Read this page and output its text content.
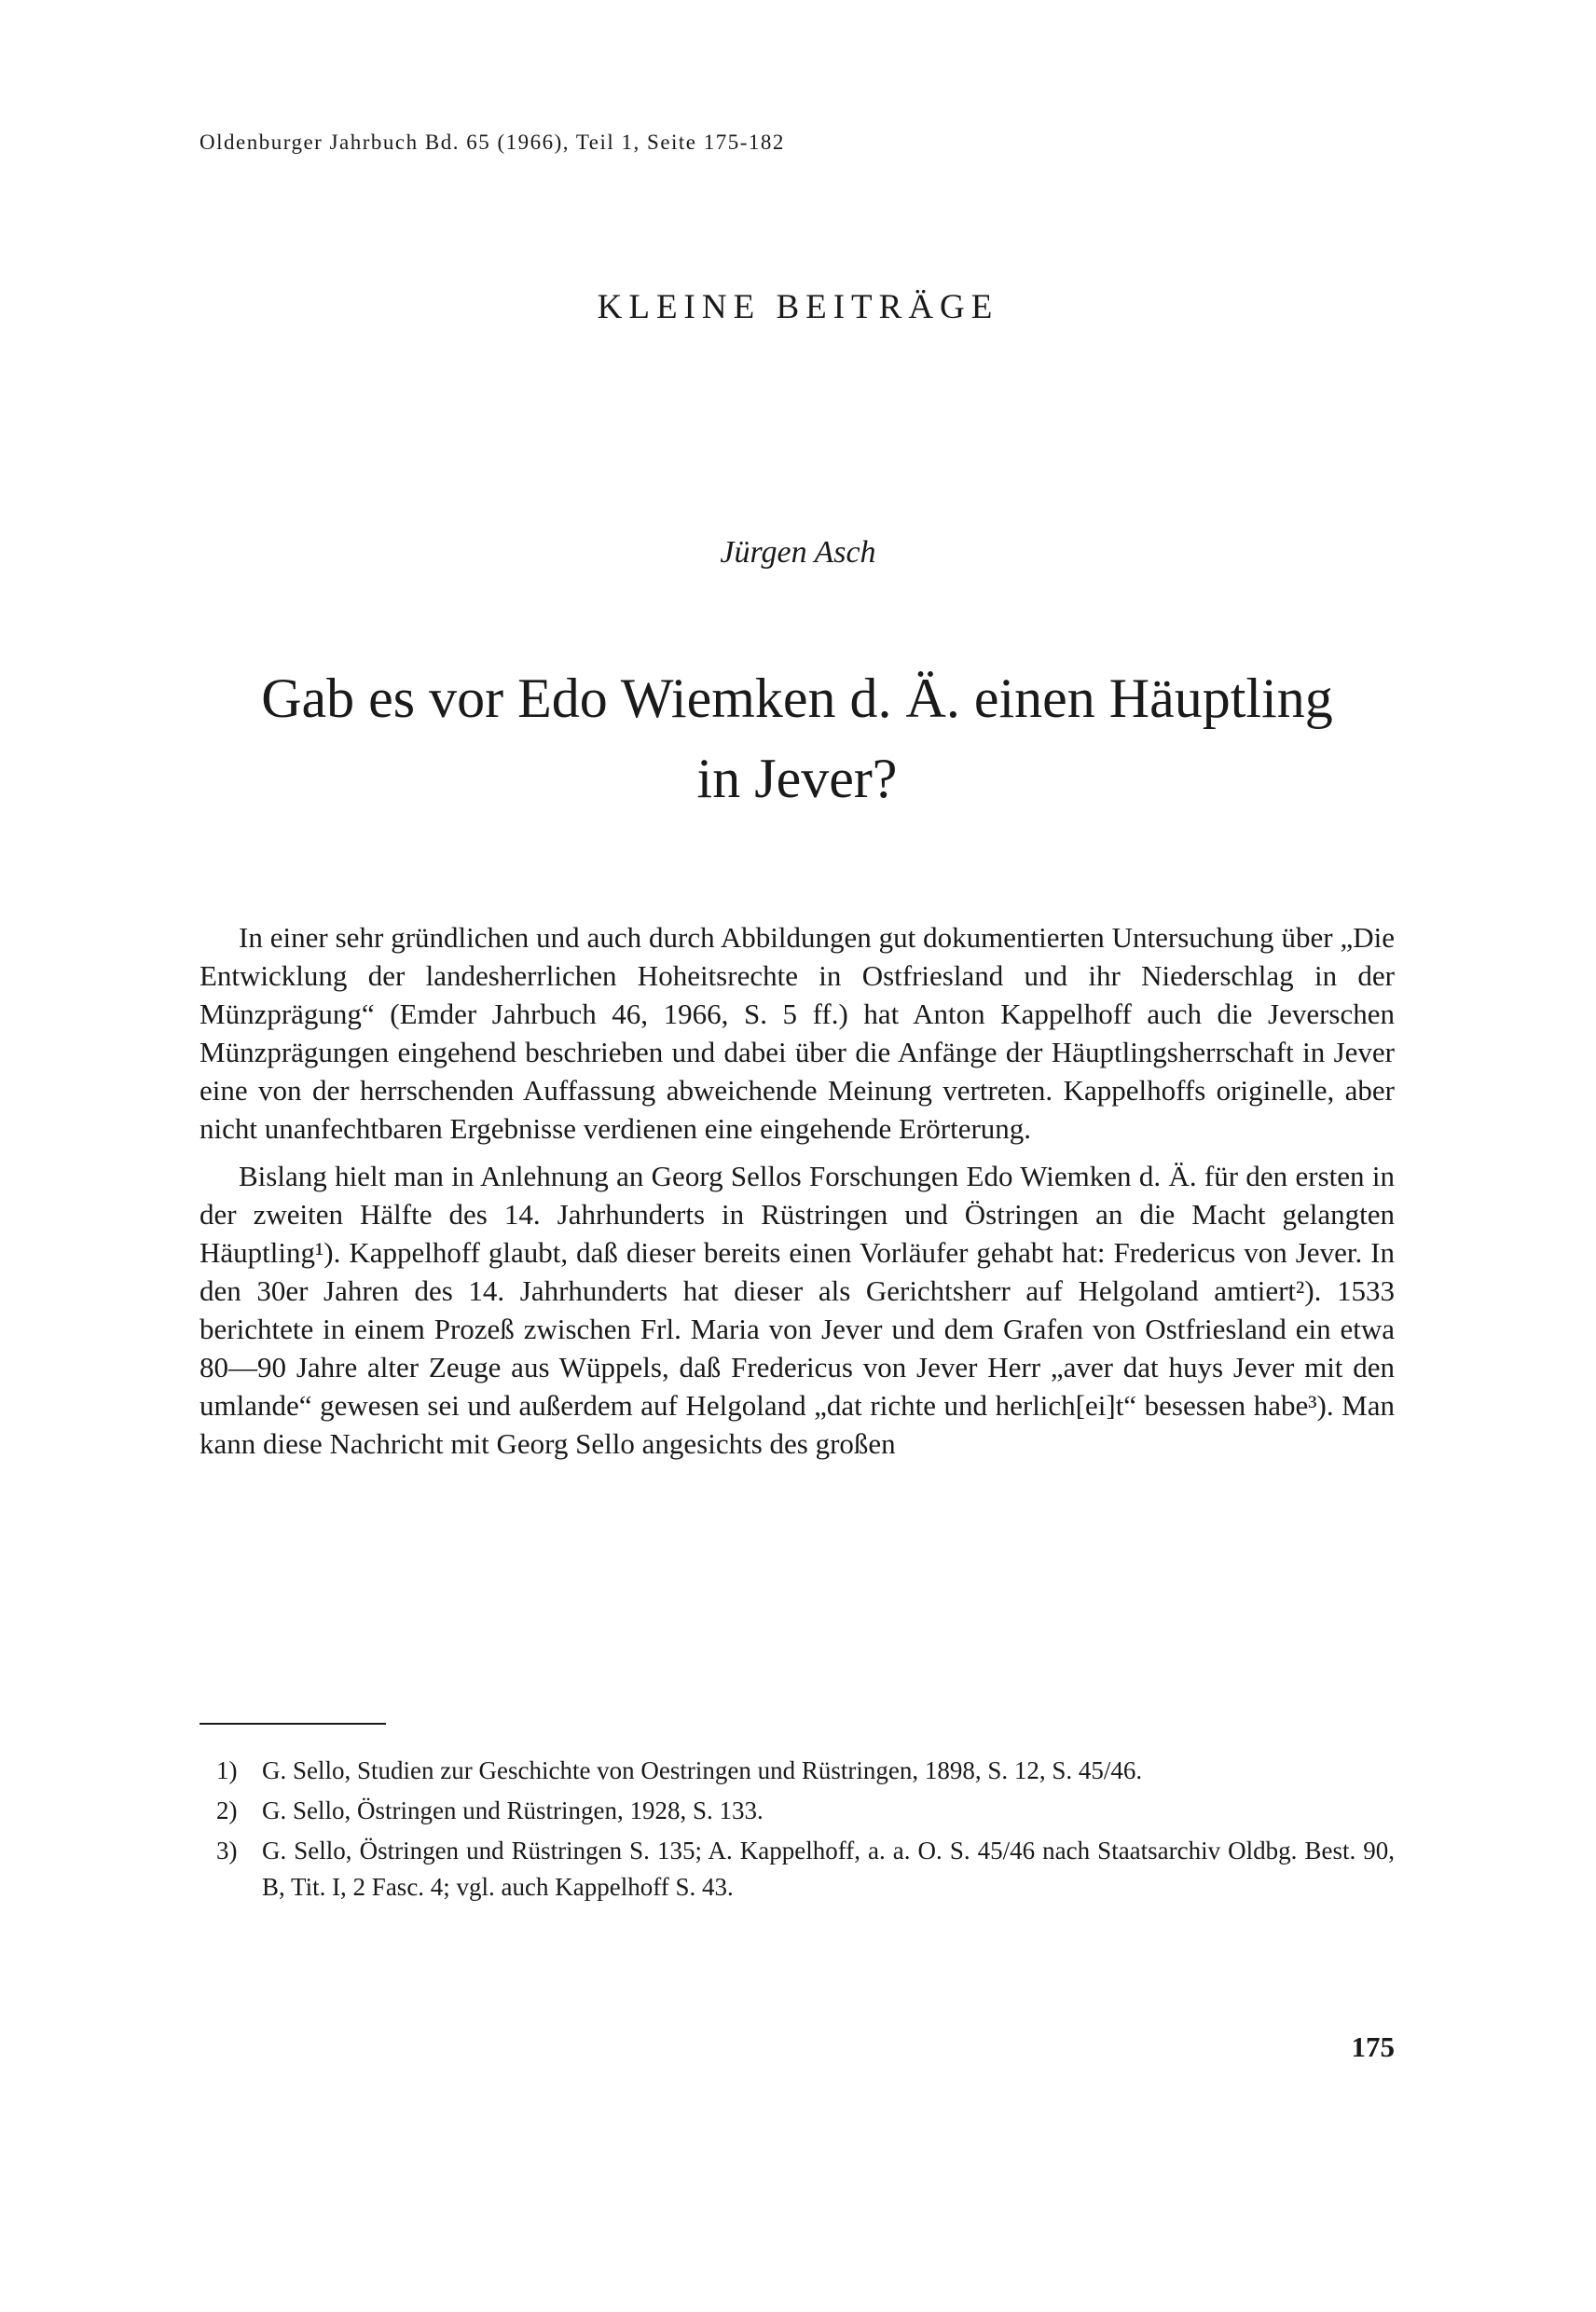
Oldenburger Jahrbuch Bd. 65 (1966), Teil 1, Seite 175-182
KLEINE BEITRÄGE
Jürgen Asch
Gab es vor Edo Wiemken d. Ä. einen Häuptling
in Jever?

In einer sehr gründlichen und auch durch Abbildungen gut dokumentierten Untersuchung über „Die Entwicklung der landesherrlichen Hoheitsrechte in Ostfriesland und ihr Niederschlag in der Münzprägung“ (Emder Jahrbuch 46, 1966, S. 5 ff.) hat Anton Kappelhoff auch die Jeverschen Münzprägungen eingehend beschrieben und dabei über die Anfänge der Häuptlingsherrschaft in Jever eine von der herrschenden Auffassung abweichende Meinung vertreten. Kappelhoffs originelle, aber nicht unanfechtbaren Ergebnisse verdienen eine eingehende Erörterung.

Bislang hielt man in Anlehnung an Georg Sellos Forschungen Edo Wiemken d. Ä. für den ersten in der zweiten Hälfte des 14. Jahrhunderts in Rüstringen und Östringen an die Macht gelangten Häuptling¹). Kappelhoff glaubt, daß dieser bereits einen Vorläufer gehabt hat: Fredericus von Jever. In den 30er Jahren des 14. Jahrhunderts hat dieser als Gerichtsherr auf Helgoland amtiert²). 1533 berichtete in einem Prozeß zwischen Frl. Maria von Jever und dem Grafen von Ostfriesland ein etwa 80—90 Jahre alter Zeuge aus Wüppels, daß Fredericus von Jever Herr „aver dat huys Jever mit den umlande“ gewesen sei und außerdem auf Helgoland „dat richte und herlich[ei]t“ besessen habe³). Man kann diese Nachricht mit Georg Sello angesichts des großen

1) G. Sello, Studien zur Geschichte von Oestringen und Rüstringen, 1898, S. 12, S. 45/46.
2) G. Sello, Östringen und Rüstringen, 1928, S. 133.
3) G. Sello, Östringen und Rüstringen S. 135; A. Kappelhoff, a. a. O. S. 45/46 nach Staatsarchiv Oldbg. Best. 90, B, Tit. I, 2 Fasc. 4; vgl. auch Kappelhoff S. 43.
175
